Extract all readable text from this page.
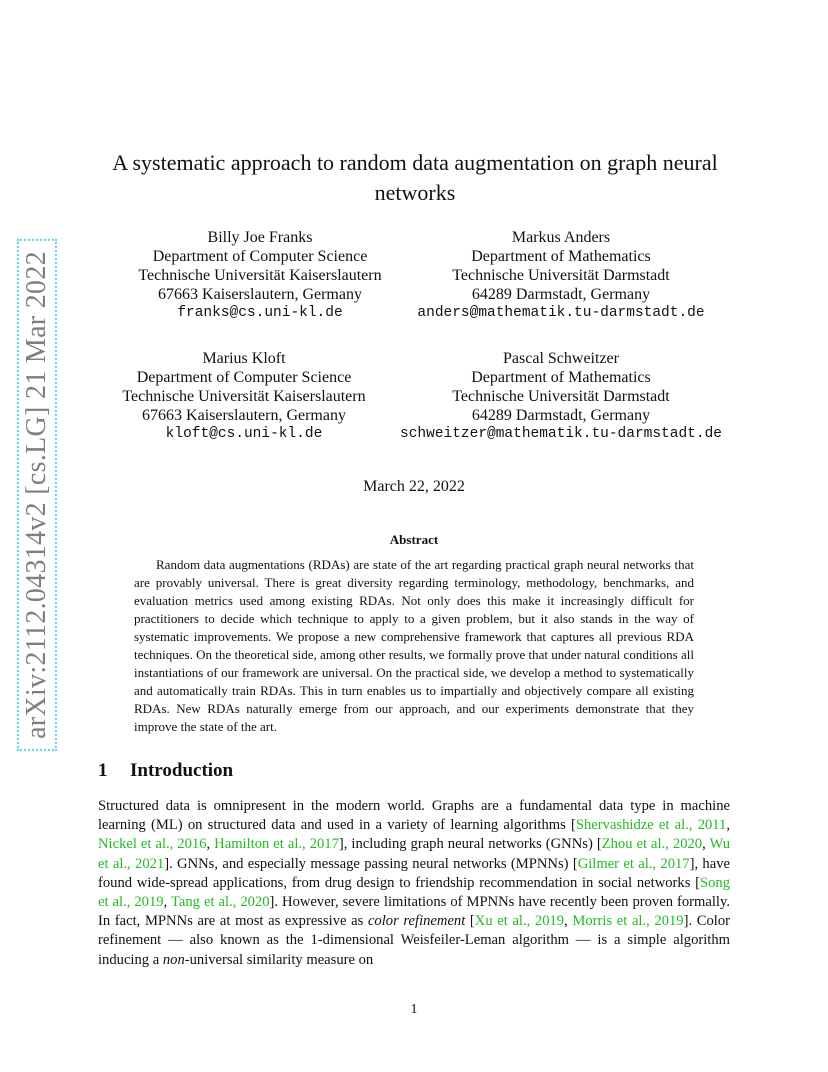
arXiv:2112.04314v2 [cs.LG] 21 Mar 2022
A systematic approach to random data augmentation on graph neural networks
Billy Joe Franks
Department of Computer Science
Technische Universität Kaiserslautern
67663 Kaiserslautern, Germany
franks@cs.uni-kl.de
Markus Anders
Department of Mathematics
Technische Universität Darmstadt
64289 Darmstadt, Germany
anders@mathematik.tu-darmstadt.de
Marius Kloft
Department of Computer Science
Technische Universität Kaiserslautern
67663 Kaiserslautern, Germany
kloft@cs.uni-kl.de
Pascal Schweitzer
Department of Mathematics
Technische Universität Darmstadt
64289 Darmstadt, Germany
schweitzer@mathematik.tu-darmstadt.de
March 22, 2022
Abstract
Random data augmentations (RDAs) are state of the art regarding practical graph neural networks that are provably universal. There is great diversity regarding terminology, methodology, benchmarks, and evaluation metrics used among existing RDAs. Not only does this make it increasingly difficult for practitioners to decide which technique to apply to a given problem, but it also stands in the way of systematic improvements. We propose a new comprehensive framework that captures all previous RDA techniques. On the theoretical side, among other results, we formally prove that under natural conditions all instantiations of our framework are universal. On the practical side, we develop a method to systematically and automatically train RDAs. This in turn enables us to impartially and objectively compare all existing RDAs. New RDAs naturally emerge from our approach, and our experiments demonstrate that they improve the state of the art.
1 Introduction
Structured data is omnipresent in the modern world. Graphs are a fundamental data type in machine learning (ML) on structured data and used in a variety of learning algorithms [Shervashidze et al., 2011, Nickel et al., 2016, Hamilton et al., 2017], including graph neural networks (GNNs) [Zhou et al., 2020, Wu et al., 2021]. GNNs, and especially message passing neural networks (MPNNs) [Gilmer et al., 2017], have found wide-spread applications, from drug design to friendship recommendation in social networks [Song et al., 2019, Tang et al., 2020]. However, severe limitations of MPNNs have recently been proven formally. In fact, MPNNs are at most as expressive as color refinement [Xu et al., 2019, Morris et al., 2019]. Color refinement — also known as the 1-dimensional Weisfeiler-Leman algorithm — is a simple algorithm inducing a non-universal similarity measure on
1
